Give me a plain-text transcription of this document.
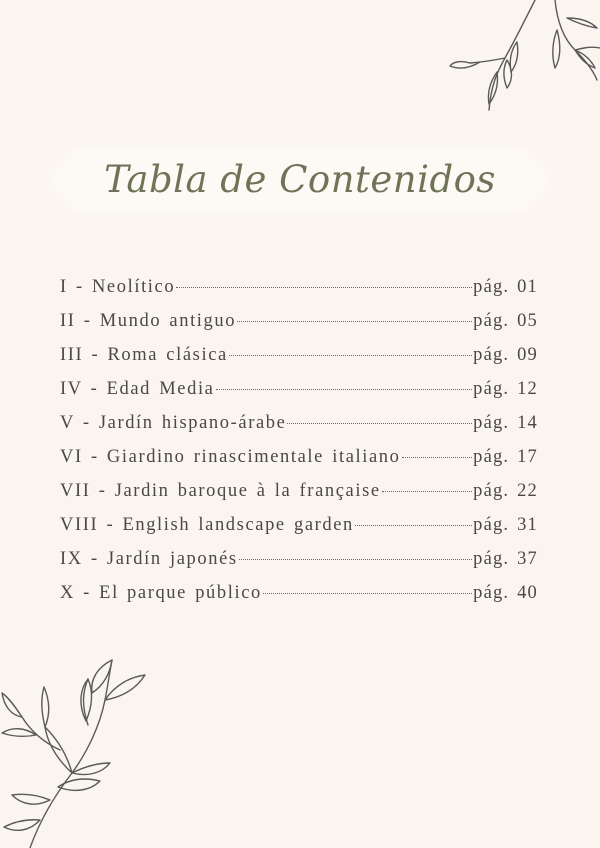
Tabla de Contenidos
I - Neolítico	pág. 01
II - Mundo antiguo	pág. 05
III - Roma clásica	pág. 09
IV - Edad Media	pág. 12
V - Jardín hispano-árabe	pág. 14
VI - Giardino rinascimentale italiano	pág. 17
VII - Jardin baroque à la française	pág. 22
VIII - English landscape garden	pág. 31
IX - Jardín japonés	pág. 37
X - El parque público	pág. 40
